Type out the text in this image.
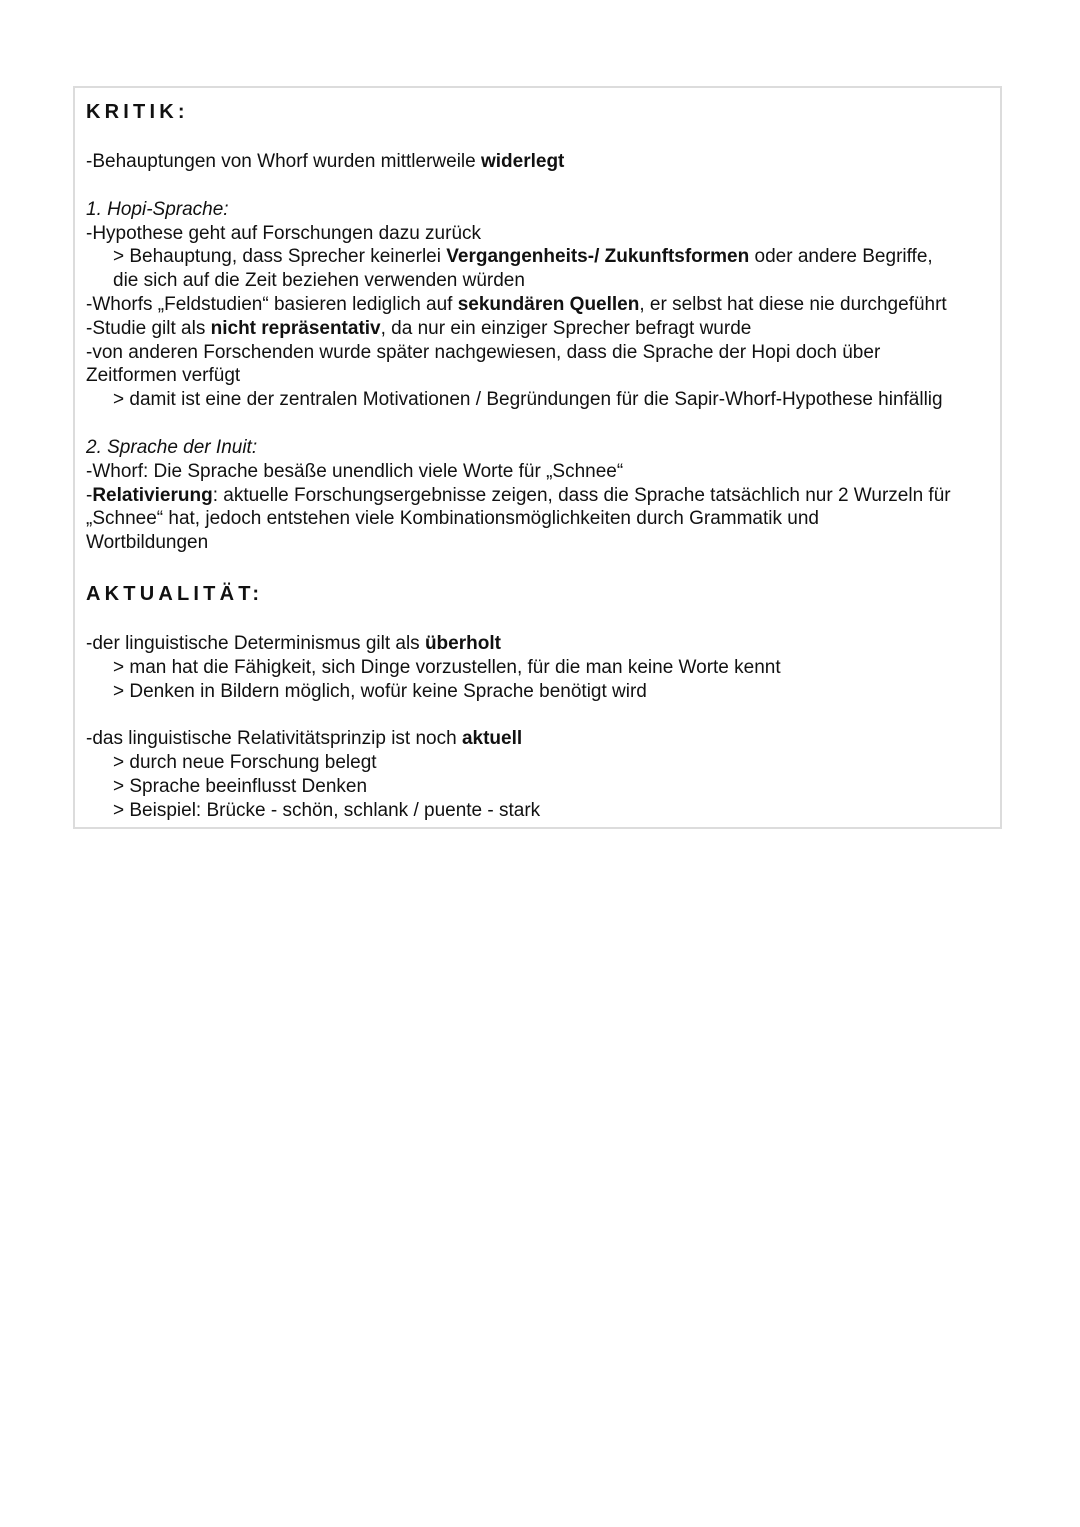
KRITIK:
-Behauptungen von Whorf wurden mittlerweile widerlegt
1. Hopi-Sprache:
-Hypothese geht auf Forschungen dazu zurück
> Behauptung, dass Sprecher keinerlei Vergangenheits-/ Zukunftsformen oder andere Begriffe,
die sich auf die Zeit beziehen verwenden würden
-Whorfs „Feldstudien“ basieren lediglich auf sekundären Quellen, er selbst hat diese nie durchgeführt
-Studie gilt als nicht repräsentativ, da nur ein einziger Sprecher befragt wurde
-von anderen Forschenden wurde später nachgewiesen, dass die Sprache der Hopi doch über
Zeitformen verfügt
> damit ist eine der zentralen Motivationen / Begründungen für die Sapir-Whorf-Hypothese hinfällig
2. Sprache der Inuit:
-Whorf: Die Sprache besäße unendlich viele Worte für „Schnee“
-Relativierung: aktuelle Forschungsergebnisse zeigen, dass die Sprache tatsächlich nur 2 Wurzeln für
„Schnee“ hat, jedoch entstehen viele Kombinationsmöglichkeiten durch Grammatik und
Wortbildungen
AKTUALITÄT:
-der linguistische Determinismus gilt als überholt
> man hat die Fähigkeit, sich Dinge vorzustellen, für die man keine Worte kennt
> Denken in Bildern möglich, wofür keine Sprache benötigt wird
-das linguistische Relativitätsprinzip ist noch aktuell
> durch neue Forschung belegt
> Sprache beeinflusst Denken
> Beispiel: Brücke - schön, schlank / puente - stark
